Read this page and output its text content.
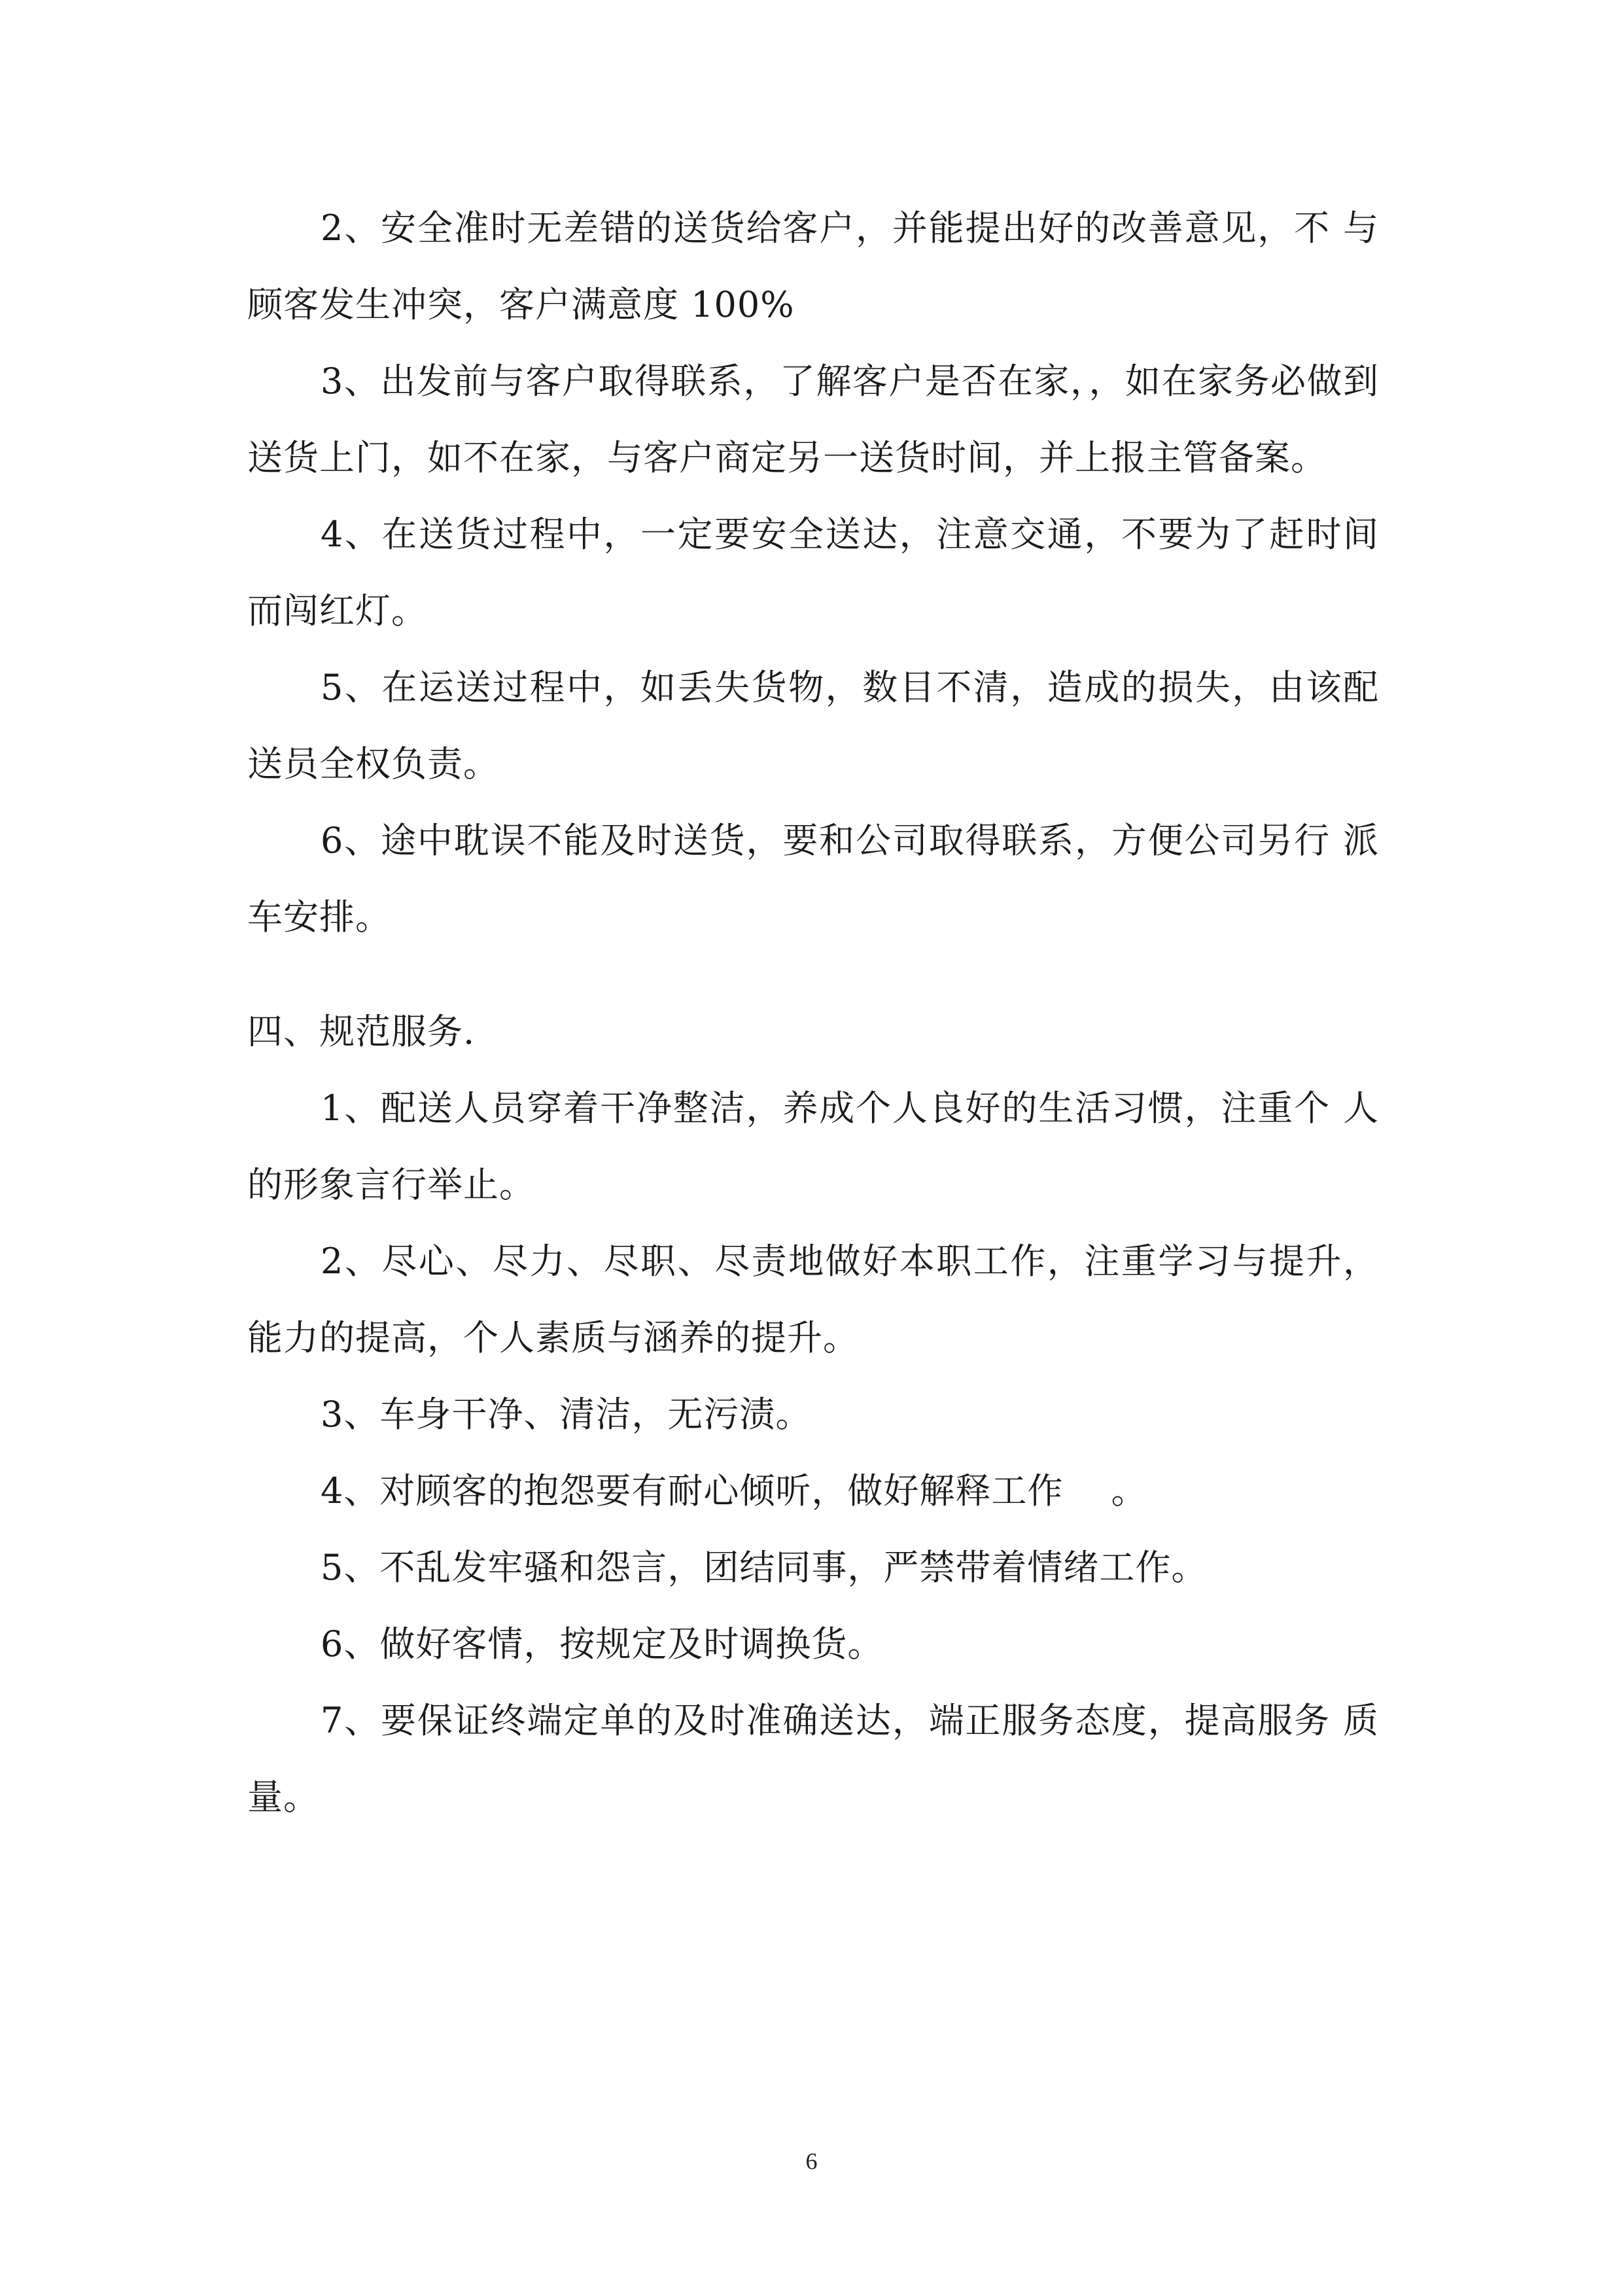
2、安全准时无差错的送货给客户，并能提出好的改善意见，不 与顾客发生冲突，客户满意度 100%

3、出发前与客户取得联系，了解客户是否在家，，如在家务必做到送货上门，如不在家，与客户商定另一送货时间，并上报主管备案。

4、在送货过程中，一定要安全送达，注意交通，不要为了赶时间而闯红灯。

5、在运送过程中，如丢失货物，数目不清，造成的损失，由该配送员全权负责。

6、途中耽误不能及时送货，要和公司取得联系，方便公司另行 派车安排。

四、规范服务.

1、配送人员穿着干净整洁，养成个人良好的生活习惯，注重个 人的形象言行举止。

2、尽心、尽力、尽职、尽责地做好本职工作，注重学习与提升，能力的提高，个人素质与涵养的提升。

3、车身干净、清洁，无污渍。

4、对顾客的抱怨要有耐心倾听，做好解释工作　 。

5、不乱发牢骚和怨言，团结同事，严禁带着情绪工作。

6、做好客情，按规定及时调换货。

7、要保证终端定单的及时准确送达，端正服务态度，提高服务 质量。

6
